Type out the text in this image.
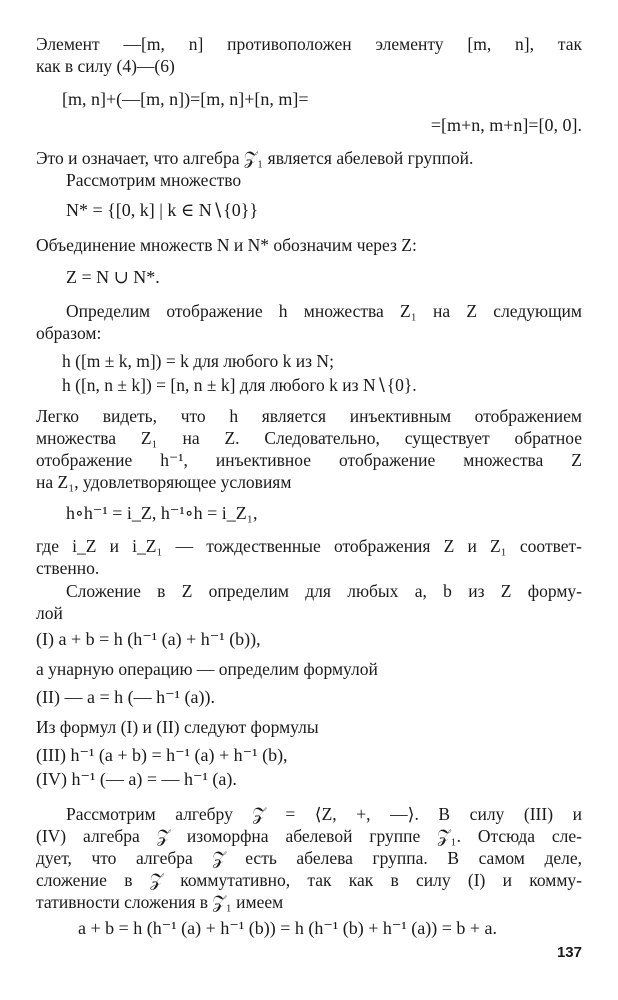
Элемент —[m, n] противоположен элементу [m, n], так
как в силу (4)—(6)
[m, n]+(—[m, n])=[m, n]+[n, m]=
=[m+n, m+n]=[0, 0].
Это и означает, что алгебра 𝒵₁ является абелевой группой.
Рассмотрим множество
N* = {[0, k] | k ∈ N∖{0}}
Объединение множеств N и N* обозначим через Z:
Z = N ∪ N*.
Определим отображение h множества Z₁ на Z следующим
образом:
h ([m ± k, m]) = k для любого k из N;
h ([n, n ± k]) = [n, n ± k] для любого k из N∖{0}.
Легко видеть, что h является инъективным отображением
множества Z₁ на Z. Следовательно, существует обратное
отображение h⁻¹, инъективное отображение множества Z
на Z₁, удовлетворяющее условиям
h∘h⁻¹ = i_Z, h⁻¹∘h = i_Z₁,
где i_Z и i_Z₁ — тождественные отображения Z и Z₁ соответ-
ственно.
Сложение в Z определим для любых a, b из Z форму-
лой
(I) a + b = h (h⁻¹ (a) + h⁻¹ (b)),
а унарную операцию — определим формулой
(II) — a = h (— h⁻¹ (a)).
Из формул (I) и (II) следуют формулы
(III) h⁻¹ (a + b) = h⁻¹ (a) + h⁻¹ (b),
(IV) h⁻¹ (— a) = — h⁻¹ (a).
Рассмотрим алгебру 𝒵 = ⟨Z, +, —⟩. В силу (III) и
(IV) алгебра 𝒵 изоморфна абелевой группе 𝒵₁. Отсюда сле-
дует, что алгебра 𝒵 есть абелева группа. В самом деле,
сложение в 𝒵 коммутативно, так как в силу (I) и комму-
тативности сложения в 𝒵₁ имеем
a + b = h (h⁻¹ (a) + h⁻¹ (b)) = h (h⁻¹ (b) + h⁻¹ (a)) = b + a.
137
